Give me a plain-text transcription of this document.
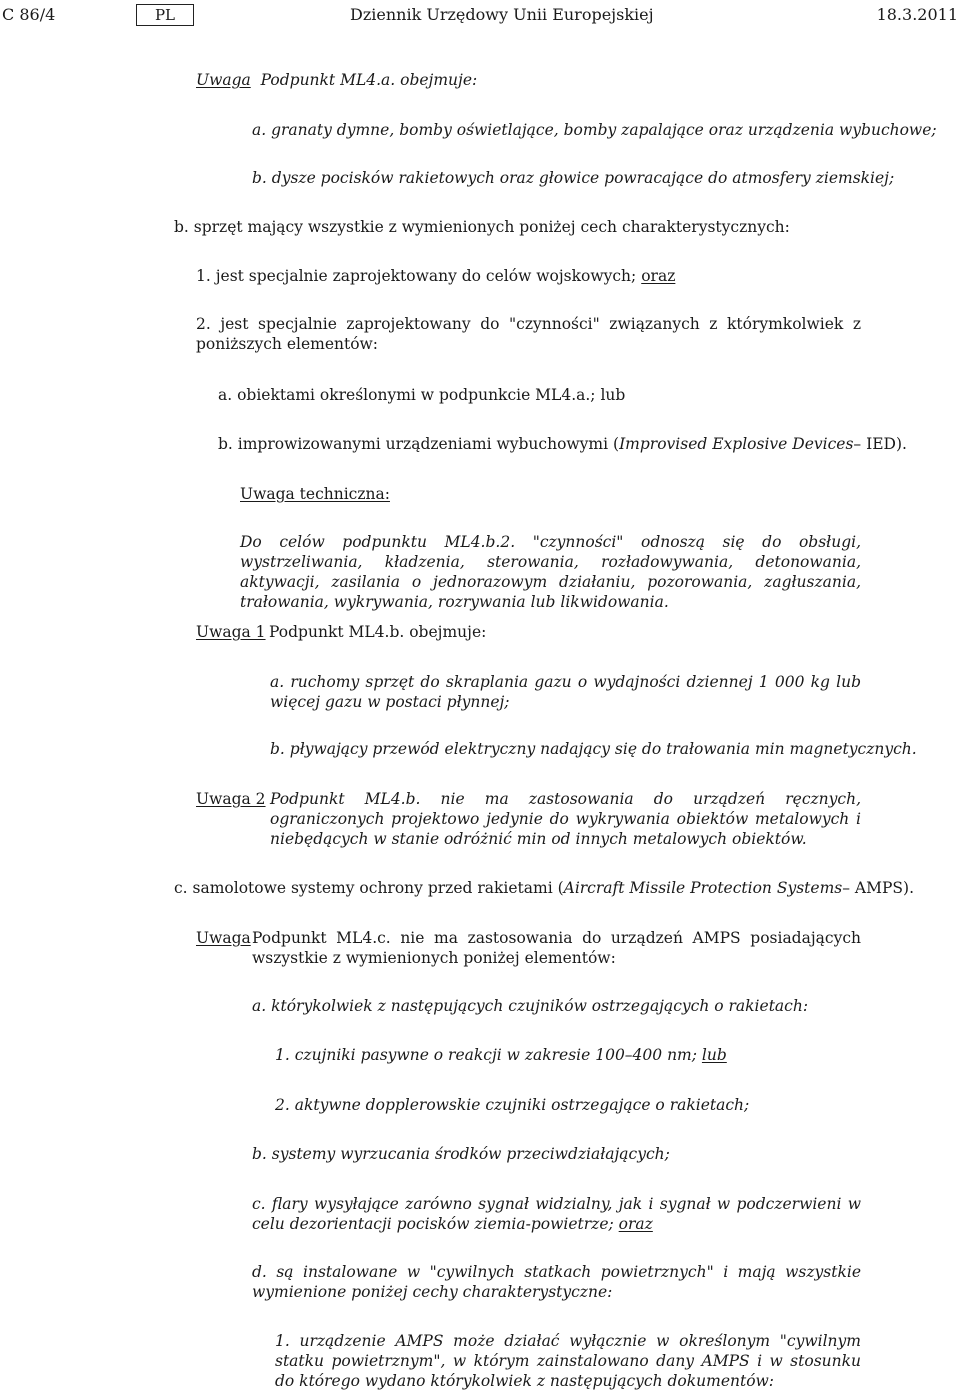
C 86/4	PL	Dziennik Urzędowy Unii Europejskiej	18.3.2011
Uwaga Podpunkt ML4.a. obejmuje:
a. granaty dymne, bomby oświetlające, bomby zapalające oraz urządzenia wybuchowe;
b. dysze pocisków rakietowych oraz głowice powracające do atmosfery ziemskiej;
b. sprzęt mający wszystkie z wymienionych poniżej cech charakterystycznych:
1. jest specjalnie zaprojektowany do celów wojskowych; oraz
2. jest specjalnie zaprojektowany do "czynności" związanych z którymkolwiek z poniższych elementów:
a. obiektami określonymi w podpunkcie ML4.a.; lub
b. improwizowanymi urządzeniami wybuchowymi (Improvised Explosive Devices– IED).
Uwaga techniczna:
Do celów podpunktu ML4.b.2. "czynności" odnoszą się do obsługi, wystrzeliwania, kładzenia, sterowania, rozładowywania, detonowania, aktywacji, zasilania o jednorazowym działaniu, pozorowania, zagłuszania, trałowania, wykrywania, rozrywania lub likwidowania.
Uwaga 1 Podpunkt ML4.b. obejmuje:
a. ruchomy sprzęt do skraplania gazu o wydajności dziennej 1 000 kg lub więcej gazu w postaci płynnej;
b. pływający przewód elektryczny nadający się do trałowania min magnetycznych.
Uwaga 2 Podpunkt ML4.b. nie ma zastosowania do urządzeń ręcznych, ograniczonych projektowo jedynie do wykrywania obiektów metalowych i niebędących w stanie odróżnić min od innych metalowych obiektów.
c. samolotowe systemy ochrony przed rakietami (Aircraft Missile Protection Systems– AMPS).
Uwaga Podpunkt ML4.c. nie ma zastosowania do urządzeń AMPS posiadających wszystkie z wymienionych poniżej elementów:
a. którykolwiek z następujących czujników ostrzegających o rakietach:
1. czujniki pasywne o reakcji w zakresie 100–400 nm; lub
2. aktywne dopplerowskie czujniki ostrzegające o rakietach;
b. systemy wyrzucania środków przeciwdziałających;
c. flary wysyłające zarówno sygnał widzialny, jak i sygnał w podczerwieni w celu dezorientacji pocisków ziemia-powietrze; oraz
d. są instalowane w "cywilnych statkach powietrznych" i mają wszystkie wymienione poniżej cechy charakterystyczne:
1. urządzenie AMPS może działać wyłącznie w określonym "cywilnym statku powietrznym", w którym zainstalowano dany AMPS i w stosunku do którego wydano którykolwiek z następujących dokumentów:
